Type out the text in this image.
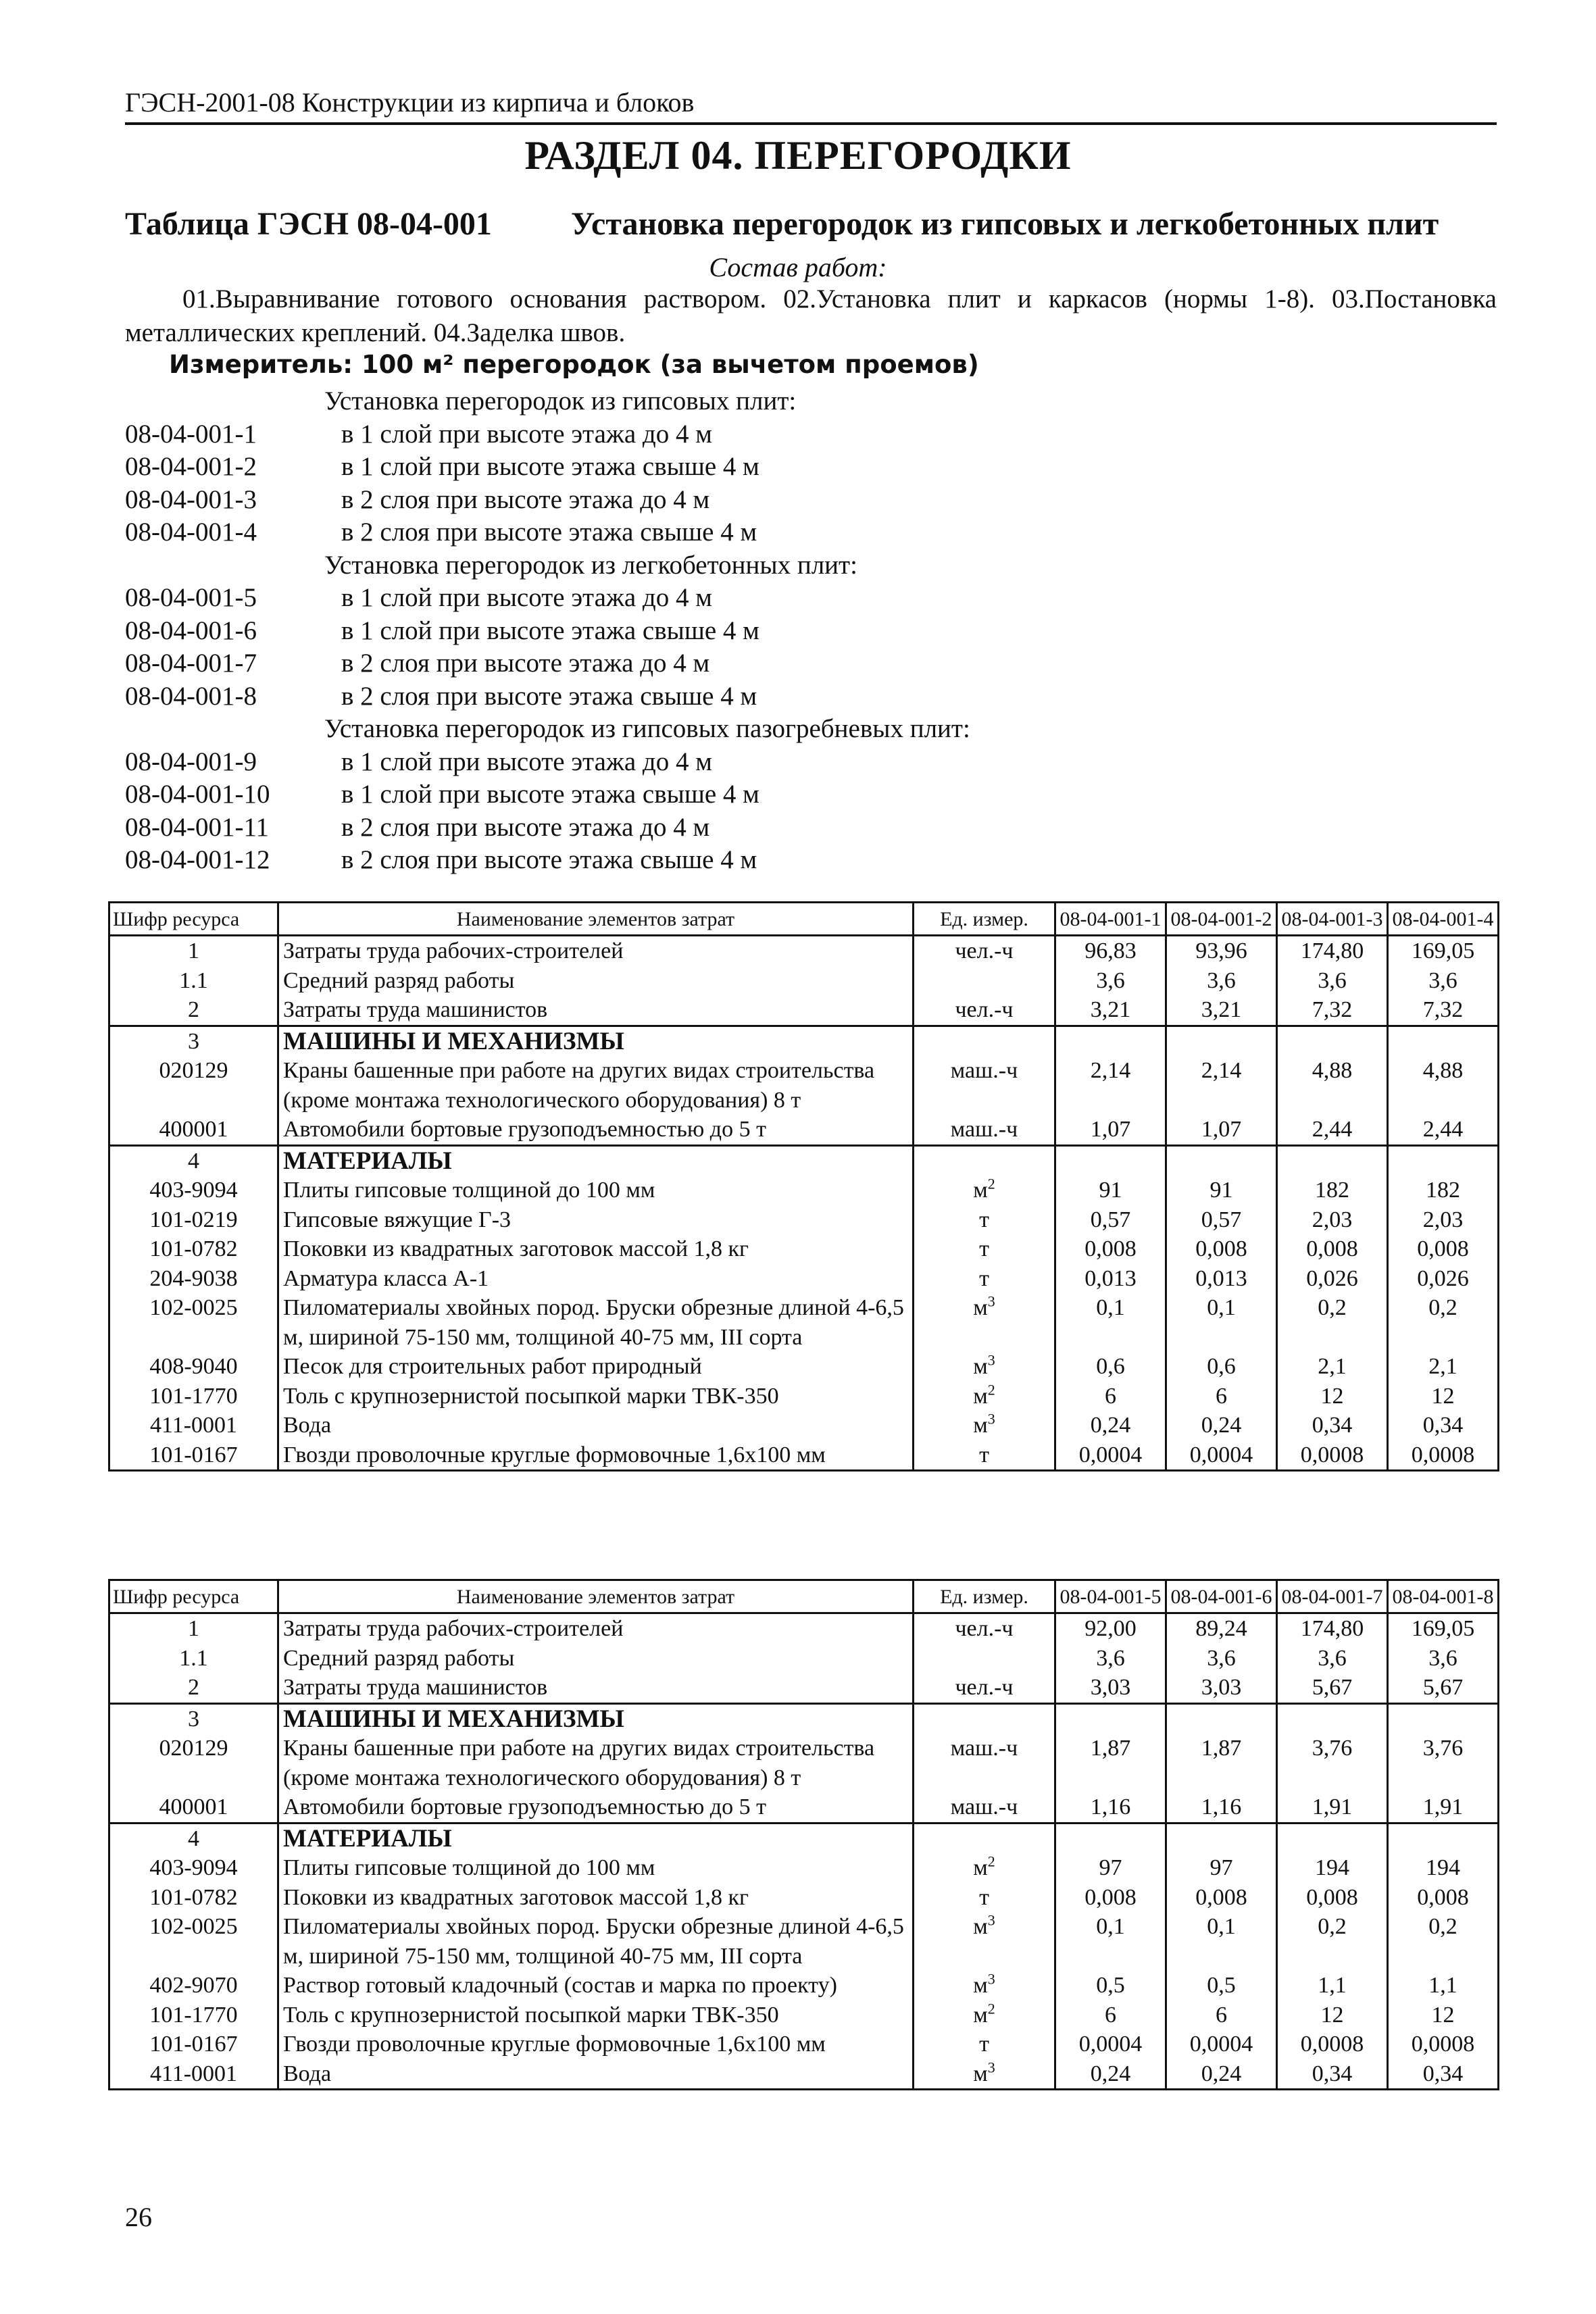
ГЭСН-2001-08 Конструкции из кирпича и блоков
РАЗДЕЛ 04. ПЕРЕГОРОДКИ
Таблица ГЭСН 08-04-001 Установка перегородок из гипсовых и легкобетонных плит
Состав работ:
01.Выравнивание готового основания раствором. 02.Установка плит и каркасов (нормы 1-8). 03.Постановка металлических креплений. 04.Заделка швов.
Измеритель: 100 м² перегородок (за вычетом проемов)
Установка перегородок из гипсовых плит:
08-04-001-1	в 1 слой при высоте этажа до 4 м
08-04-001-2	в 1 слой при высоте этажа свыше 4 м
08-04-001-3	в 2 слоя при высоте этажа до 4 м
08-04-001-4	в 2 слоя при высоте этажа свыше 4 м
Установка перегородок из легкобетонных плит:
08-04-001-5	в 1 слой при высоте этажа до 4 м
08-04-001-6	в 1 слой при высоте этажа свыше 4 м
08-04-001-7	в 2 слоя при высоте этажа до 4 м
08-04-001-8	в 2 слоя при высоте этажа свыше 4 м
Установка перегородок из гипсовых пазогребневых плит:
08-04-001-9	в 1 слой при высоте этажа до 4 м
08-04-001-10	в 1 слой при высоте этажа свыше 4 м
08-04-001-11	в 2 слоя при высоте этажа до 4 м
08-04-001-12	в 2 слоя при высоте этажа свыше 4 м
Шифр ресурса	Наименование элементов затрат	Ед. измер.	08-04-001-1	08-04-001-2	08-04-001-3	08-04-001-4
1	Затраты труда рабочих-строителей	чел.-ч	96,83	93,96	174,80	169,05
1.1	Средний разряд работы		3,6	3,6	3,6	3,6
2	Затраты труда машинистов	чел.-ч	3,21	3,21	7,32	7,32
3	МАШИНЫ И МЕХАНИЗМЫ					
020129	Краны башенные при работе на других видах строительства (кроме монтажа технологического оборудования) 8 т	маш.-ч	2,14	2,14	4,88	4,88
400001	Автомобили бортовые грузоподъемностью до 5 т	маш.-ч	1,07	1,07	2,44	2,44
4	МАТЕРИАЛЫ					
403-9094	Плиты гипсовые толщиной до 100 мм	$м^2$	91	91	182	182
101-0219	Гипсовые вяжущие Г-3	т	0,57	0,57	2,03	2,03
101-0782	Поковки из квадратных заготовок массой 1,8 кг	т	0,008	0,008	0,008	0,008
204-9038	Арматура класса А-1	т	0,013	0,013	0,026	0,026
102-0025	Пиломатериалы хвойных пород. Бруски обрезные длиной 4-6,5 м, шириной 75-150 мм, толщиной 40-75 мм, III сорта	$м^3$	0,1	0,1	0,2	0,2
408-9040	Песок для строительных работ природный	$м^3$	0,6	0,6	2,1	2,1
101-1770	Толь с крупнозернистой посыпкой марки ТВК-350	$м^2$	6	6	12	12
411-0001	Вода	$м^3$	0,24	0,24	0,34	0,34
101-0167	Гвозди проволочные круглые формовочные 1,6х100 мм	т	0,0004	0,0004	0,0008	0,0008
Шифр ресурса	Наименование элементов затрат	Ед. измер.	08-04-001-5	08-04-001-6	08-04-001-7	08-04-001-8
1	Затраты труда рабочих-строителей	чел.-ч	92,00	89,24	174,80	169,05
1.1	Средний разряд работы		3,6	3,6	3,6	3,6
2	Затраты труда машинистов	чел.-ч	3,03	3,03	5,67	5,67
3	МАШИНЫ И МЕХАНИЗМЫ					
020129	Краны башенные при работе на других видах строительства (кроме монтажа технологического оборудования) 8 т	маш.-ч	1,87	1,87	3,76	3,76
400001	Автомобили бортовые грузоподъемностью до 5 т	маш.-ч	1,16	1,16	1,91	1,91
4	МАТЕРИАЛЫ					
403-9094	Плиты гипсовые толщиной до 100 мм	$м^2$	97	97	194	194
101-0782	Поковки из квадратных заготовок массой 1,8 кг	т	0,008	0,008	0,008	0,008
102-0025	Пиломатериалы хвойных пород. Бруски обрезные длиной 4-6,5 м, шириной 75-150 мм, толщиной 40-75 мм, III сорта	$м^3$	0,1	0,1	0,2	0,2
402-9070	Раствор готовый кладочный (состав и марка по проекту)	$м^3$	0,5	0,5	1,1	1,1
101-1770	Толь с крупнозернистой посыпкой марки ТВК-350	$м^2$	6	6	12	12
101-0167	Гвозди проволочные круглые формовочные 1,6х100 мм	т	0,0004	0,0004	0,0008	0,0008
411-0001	Вода	$м^3$	0,24	0,24	0,34	0,34
26
